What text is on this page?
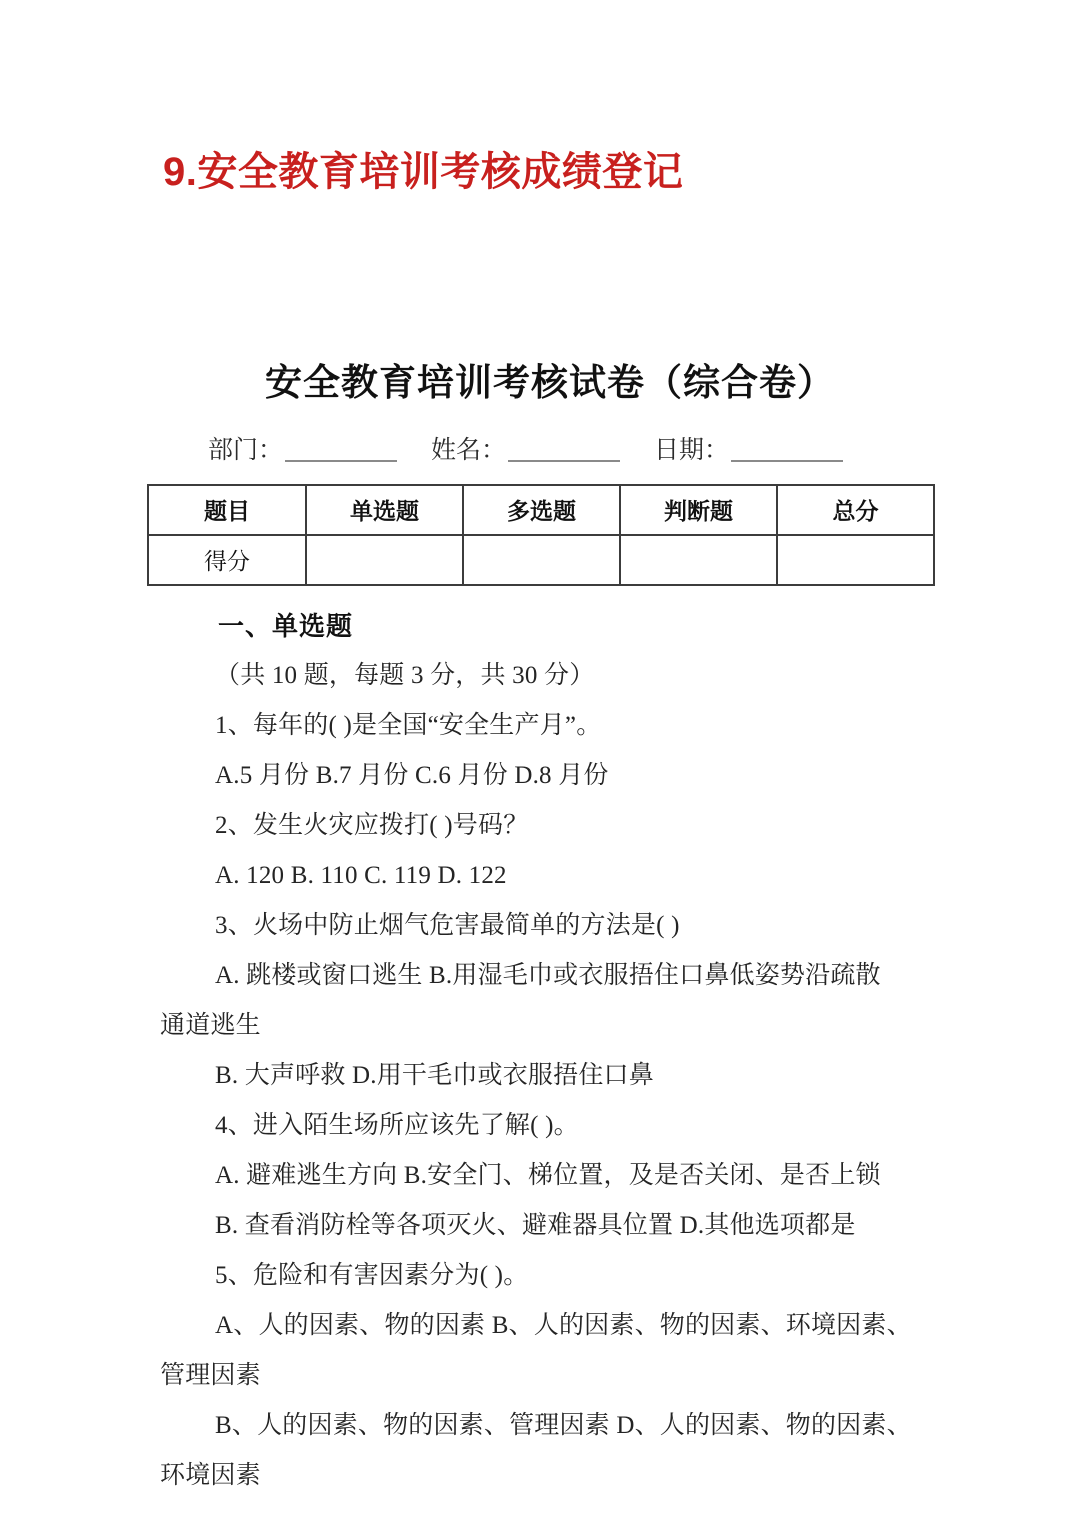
9.安全教育培训考核成绩登记
安全教育培训考核试卷（综合卷）
部门：	姓名：	日期：
题目	单选题	多选题	判断题	总分
得分				
一、单选题
（共 10 题，每题 3 分，共 30 分）
1、每年的( )是全国“安全生产月”。
A.5 月份 B.7 月份 C.6 月份 D.8 月份
2、发生火灾应拨打( )号码？
A. 120 B. 110 C. 119 D. 122
3、火场中防止烟气危害最简单的方法是( )
A. 跳楼或窗口逃生 B.用湿毛巾或衣服捂住口鼻低姿势沿疏散
通道逃生
B. 大声呼救 D.用干毛巾或衣服捂住口鼻
4、进入陌生场所应该先了解( )。
A. 避难逃生方向 B.安全门、梯位置，及是否关闭、是否上锁
B. 查看消防栓等各项灭火、避难器具位置 D.其他选项都是
5、危险和有害因素分为( )。
A、人的因素、物的因素 B、人的因素、物的因素、环境因素、
管理因素
B、人的因素、物的因素、管理因素 D、人的因素、物的因素、
环境因素
